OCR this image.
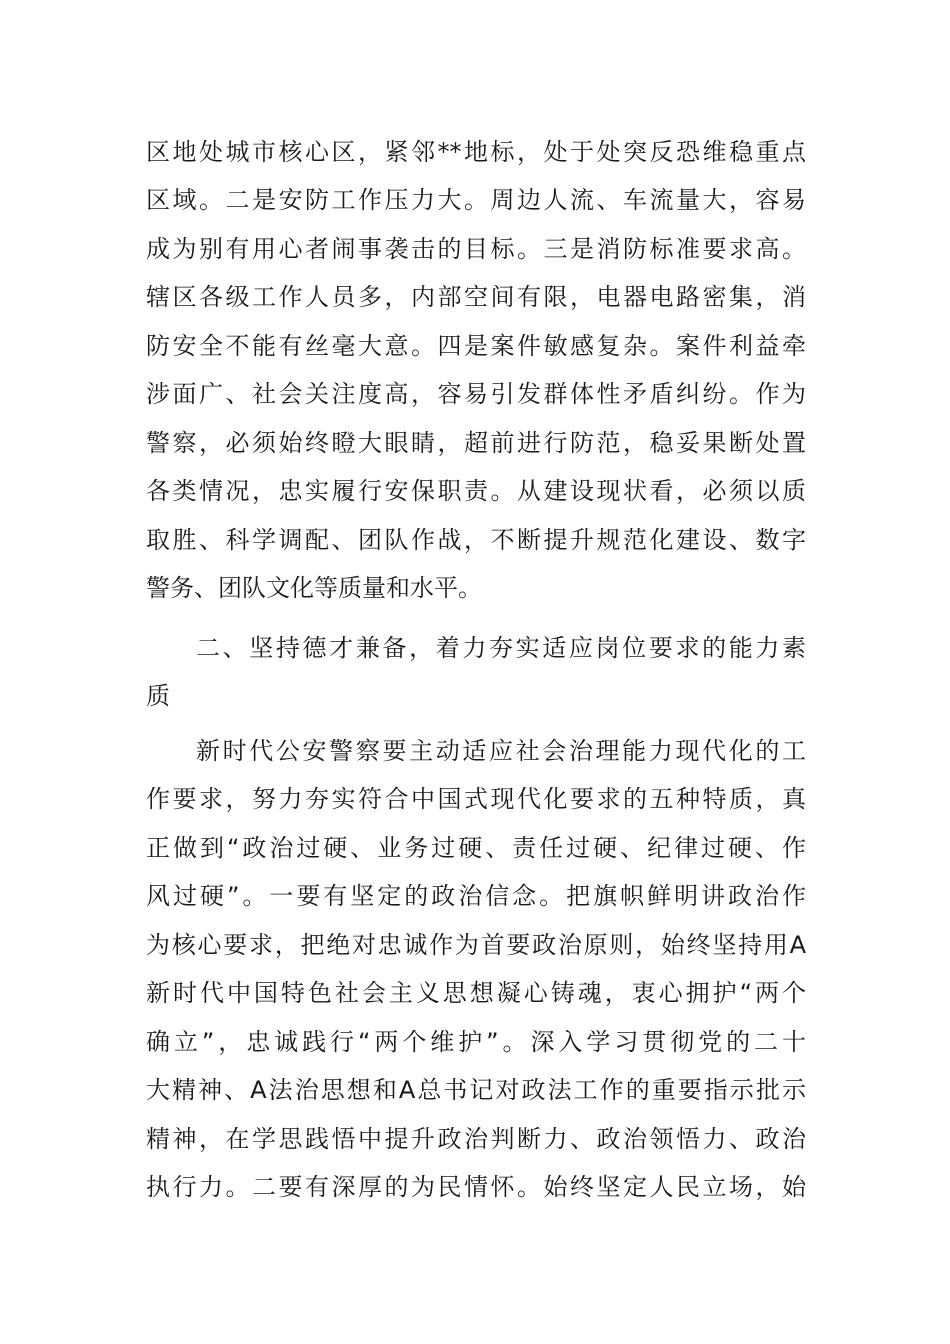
区地处城市核心区，紧邻**地标，处于处突反恐维稳重点
区域。二是安防工作压力大。周边人流、车流量大，容易
成为别有用心者闹事袭击的目标。三是消防标准要求高。
辖区各级工作人员多，内部空间有限，电器电路密集，消
防安全不能有丝毫大意。四是案件敏感复杂。案件利益牵
涉面广、社会关注度高，容易引发群体性矛盾纠纷。作为
警察，必须始终瞪大眼睛，超前进行防范，稳妥果断处置
各类情况，忠实履行安保职责。从建设现状看，必须以质
取胜、科学调配、团队作战，不断提升规范化建设、数字
警务、团队文化等质量和水平。
二、坚持德才兼备，着力夯实适应岗位要求的能力素
质
新时代公安警察要主动适应社会治理能力现代化的工
作要求，努力夯实符合中国式现代化要求的五种特质，真
正做到“政治过硬、业务过硬、责任过硬、纪律过硬、作
风过硬”。一要有坚定的政治信念。把旗帜鲜明讲政治作
为核心要求，把绝对忠诚作为首要政治原则，始终坚持用A
新时代中国特色社会主义思想凝心铸魂，衷心拥护“两个
确立”，忠诚践行“两个维护”。深入学习贯彻党的二十
大精神、A法治思想和A总书记对政法工作的重要指示批示
精神，在学思践悟中提升政治判断力、政治领悟力、政治
执行力。二要有深厚的为民情怀。始终坚定人民立场，始
